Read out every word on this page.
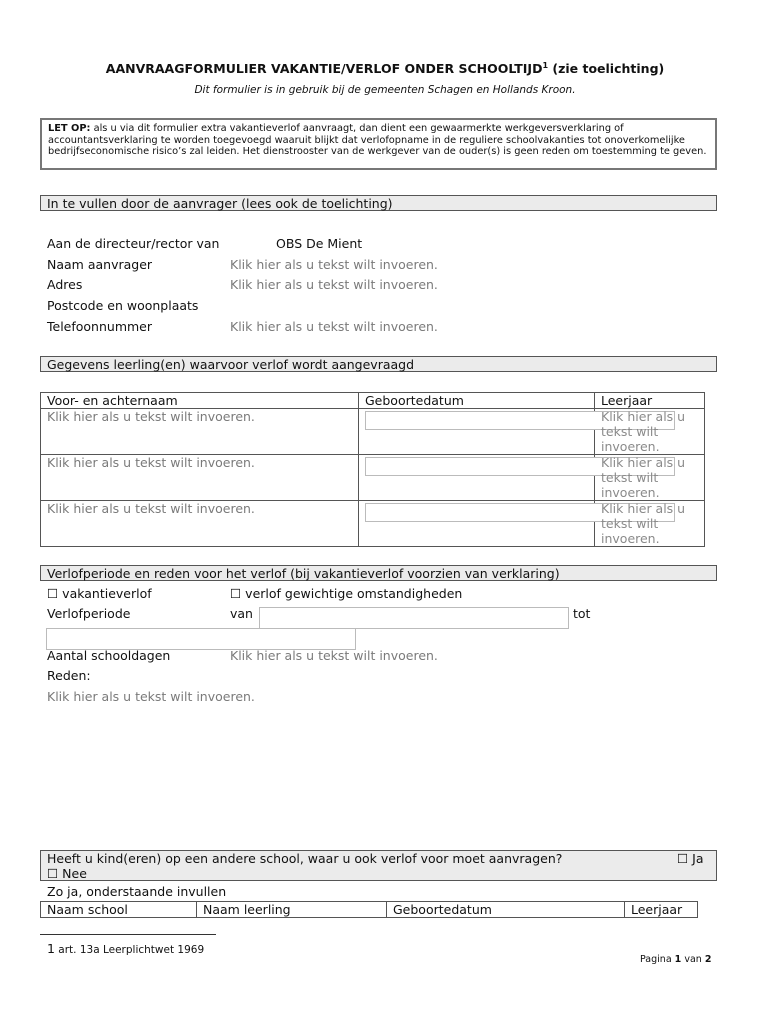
AANVRAAGFORMULIER VAKANTIE/VERLOF ONDER SCHOOLTIJD$^1$ (zie toelichting)
Dit formulier is in gebruik bij de gemeenten Schagen en Hollands Kroon.
LET OP: als u via dit formulier extra vakantieverlof aanvraagt, dan dient een gewaarmerkte werkgeversverklaring of accountantsverklaring te worden toegevoegd waaruit blijkt dat verlofopname in de reguliere schoolvakanties tot onoverkomelijke bedrijfseconomische risico’s zal leiden. Het dienstrooster van de werkgever van de ouder(s) is geen reden om toestemming te geven.
In te vullen door de aanvrager (lees ook de toelichting)
Aan de directeur/rector van	OBS De Mient
Naam aanvrager	Klik hier als u tekst wilt invoeren.
Adres	Klik hier als u tekst wilt invoeren.
Postcode en woonplaats
Telefoonnummer	Klik hier als u tekst wilt invoeren.
Gegevens leerling(en) waarvoor verlof wordt aangevraagd
Voor- en achternaam	Geboortedatum	Leerjaar
Klik hier als u tekst wilt invoeren.		Klik hier als u tekst wilt invoeren.

Klik hier als u tekst wilt invoeren.		Klik hier als u tekst wilt invoeren.

Klik hier als u tekst wilt invoeren.		Klik hier als u tekst wilt invoeren.
Verlofperiode en reden voor het verlof (bij vakantieverlof voorzien van verklaring)
☐ vakantieverlof	☐ verlof gewichtige omstandigheden
Verlofperiode	van	tot
Aantal schooldagen	Klik hier als u tekst wilt invoeren.
Reden:
Klik hier als u tekst wilt invoeren.
Heeft u kind(eren) op een andere school, waar u ook verlof voor moet aanvragen?	☐ Ja

☐ Nee
Zo ja, onderstaande invullen
Naam school	Naam leerling	Geboortedatum	Leerjaar
1 art. 13a Leerplichtwet 1969
Pagina 1 van 2
